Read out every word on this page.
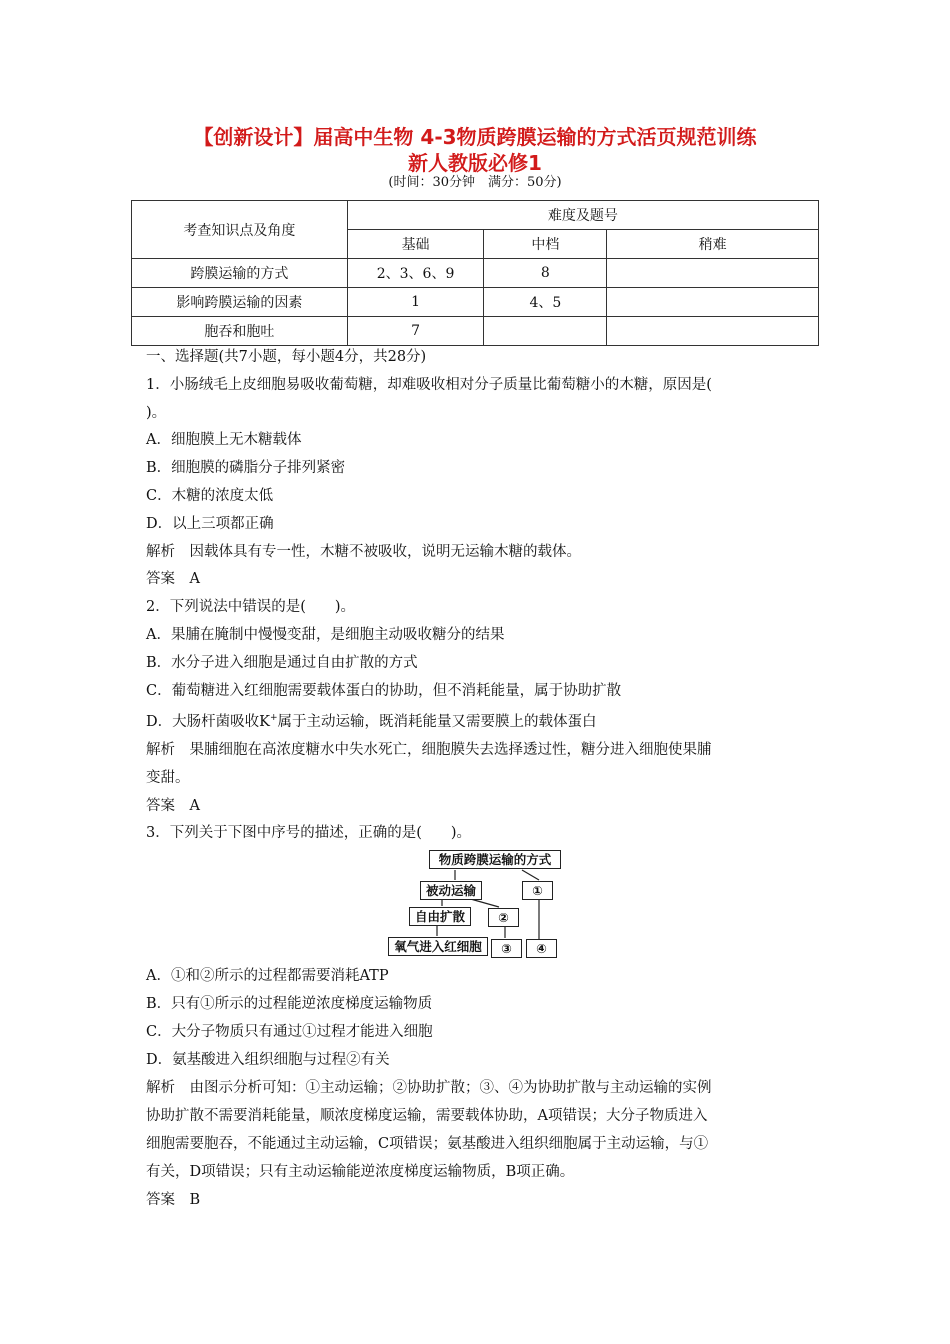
【创新设计】届高中生物 4-3物质跨膜运输的方式活页规范训练
新人教版必修1
(时间：30分钟　满分：50分)
考查知识点及角度	难度及题号		
	基础	中档	稍难
跨膜运输的方式	2、3、6、9	8	
影响跨膜运输的因素	1	4、5	
胞吞和胞吐	7		

一、选择题(共7小题，每小题4分，共28分)

1．小肠绒毛上皮细胞易吸收葡萄糖，却难吸收相对分子质量比葡萄糖小的木糖，原因是(

)。

A．细胞膜上无木糖载体

B．细胞膜的磷脂分子排列紧密

C．木糖的浓度太低

D．以上三项都正确

解析　因载体具有专一性，木糖不被吸收，说明无运输木糖的载体。

答案　A

2．下列说法中错误的是(　　)。

A．果脯在腌制中慢慢变甜，是细胞主动吸收糖分的结果

B．水分子进入细胞是通过自由扩散的方式

C．葡萄糖进入红细胞需要载体蛋白的协助，但不消耗能量，属于协助扩散

D．大肠杆菌吸收K+属于主动运输，既消耗能量又需要膜上的载体蛋白

解析　果脯细胞在高浓度糖水中失水死亡，细胞膜失去选择透过性，糖分进入细胞使果脯

变甜。

答案　A

3．下列关于下图中序号的描述，正确的是(　　)。

物质跨膜运输的方式
被动运输	①
自由扩散	②
氧气进入红细胞	③	④

A．①和②所示的过程都需要消耗ATP

B．只有①所示的过程能逆浓度梯度运输物质

C．大分子物质只有通过①过程才能进入细胞

D．氨基酸进入组织细胞与过程②有关

解析　由图示分析可知：①主动运输；②协助扩散；③、④为协助扩散与主动运输的实例

协助扩散不需要消耗能量，顺浓度梯度运输，需要载体协助，A项错误；大分子物质进入

细胞需要胞吞，不能通过主动运输，C项错误；氨基酸进入组织细胞属于主动运输，与①

有关，D项错误；只有主动运输能逆浓度梯度运输物质，B项正确。

答案　B
